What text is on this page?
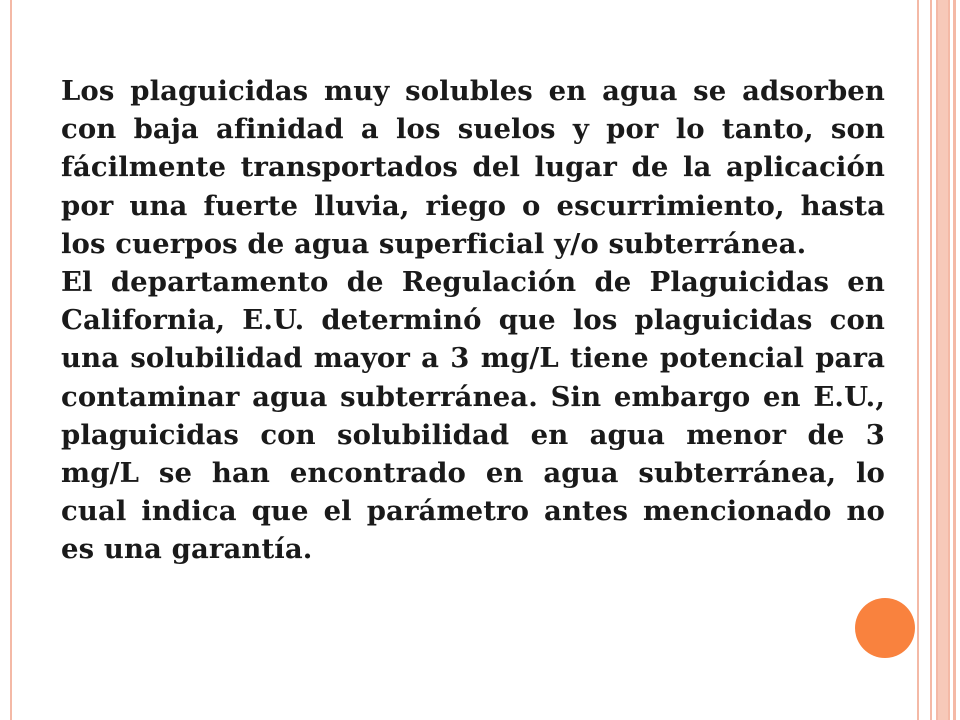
Los plaguicidas muy solubles en agua se adsorben con baja afinidad a los suelos y por lo tanto, son fácilmente transportados del lugar de la aplicación por una fuerte lluvia, riego o escurrimiento, hasta los cuerpos de agua superficial y/o subterránea.

El departamento de Regulación de Plaguicidas en California, E.U. determinó que los plaguicidas con una solubilidad mayor a 3 mg/L tiene potencial para contaminar agua subterránea. Sin embargo en E.U., plaguicidas con solubilidad en agua menor de 3 mg/L se han encontrado en agua subterránea, lo cual indica que el parámetro antes mencionado no es una garantía.
